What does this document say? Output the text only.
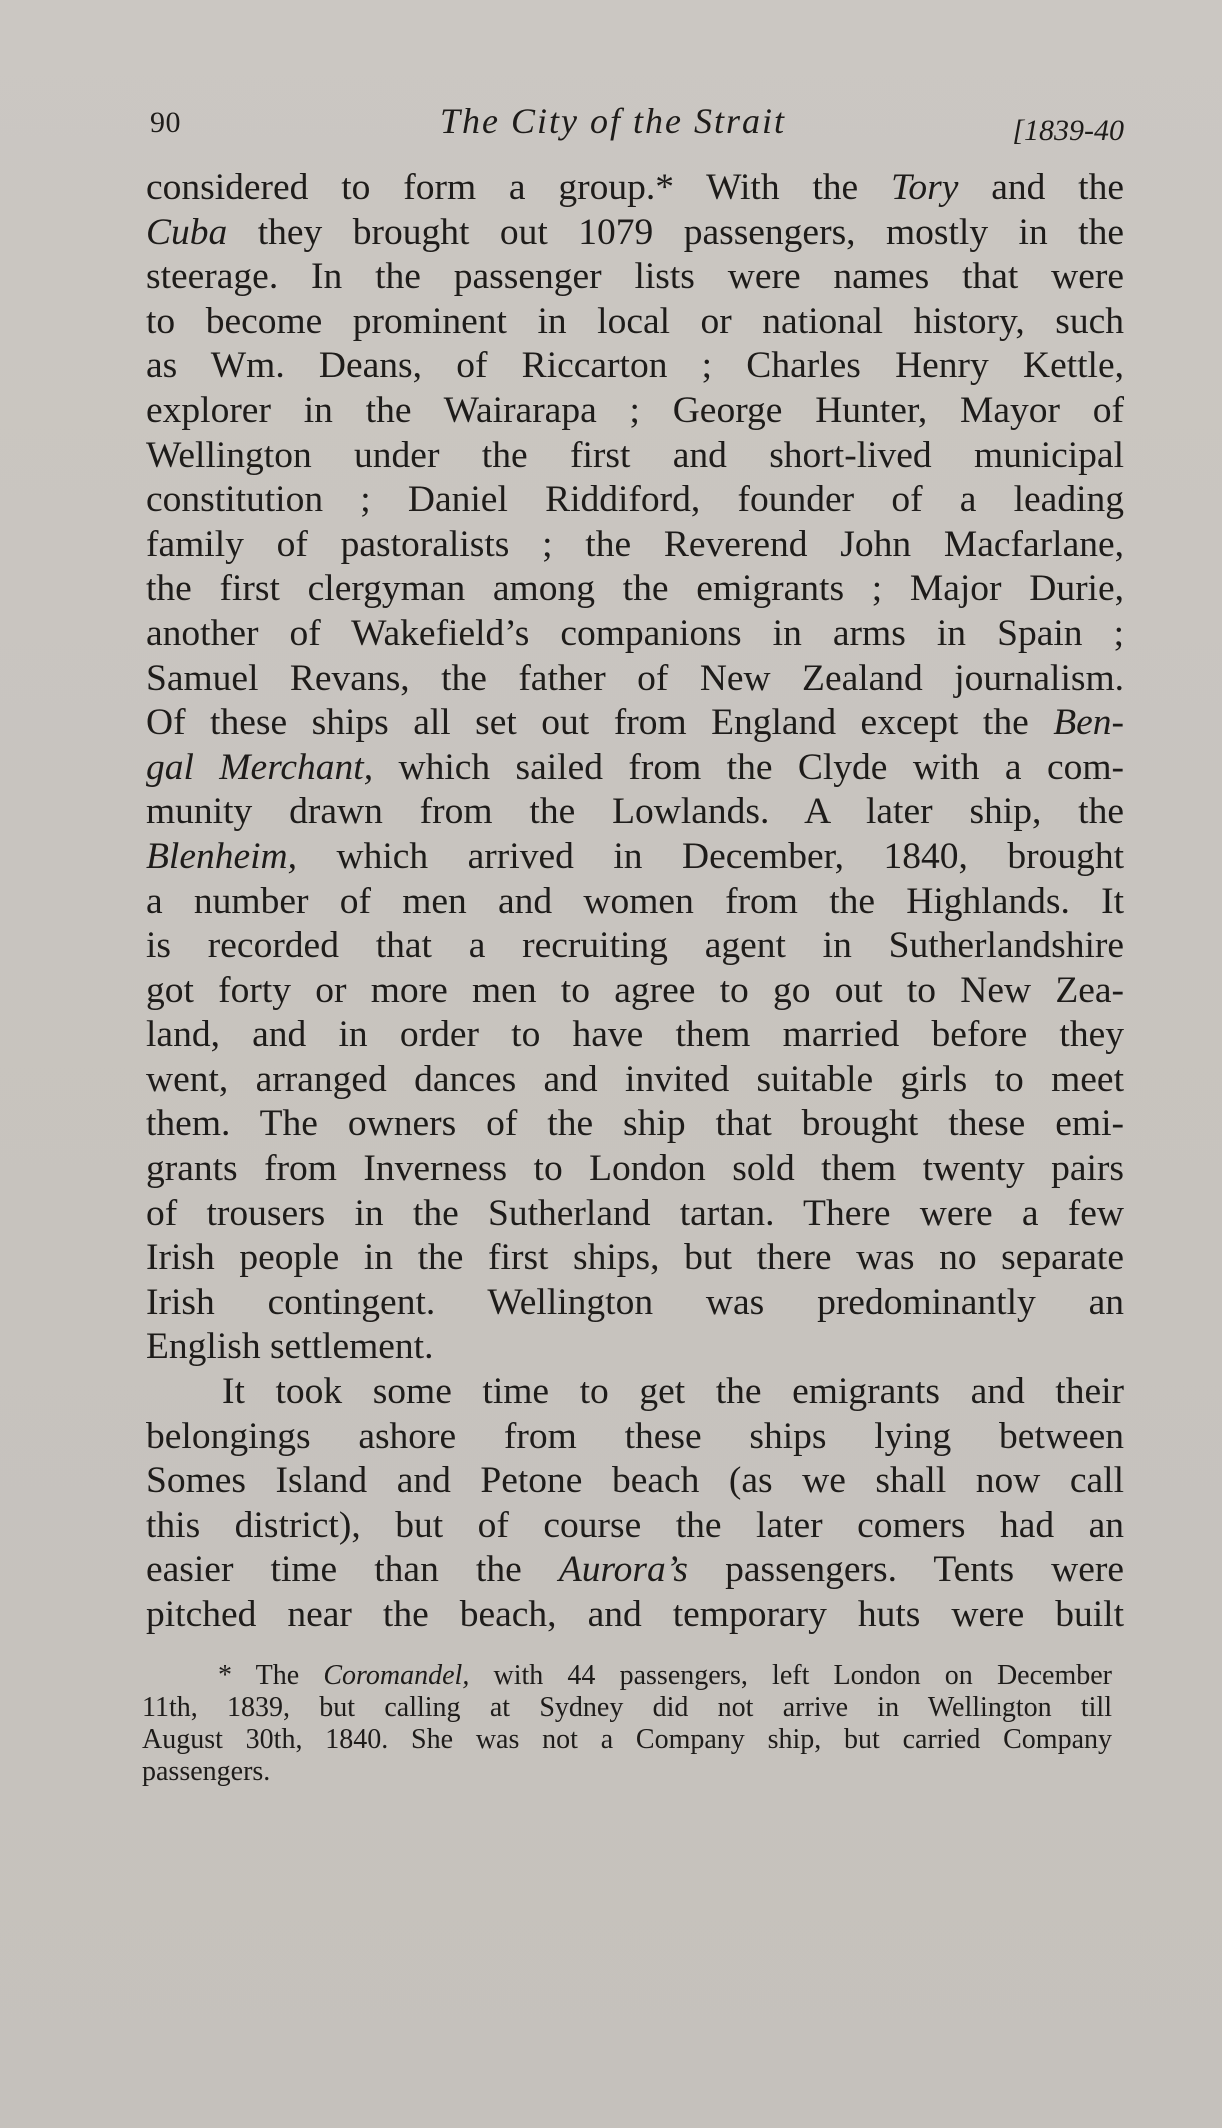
90	The City of the Strait	[1839-40
considered to form a group.* With the Tory and the
Cuba they brought out 1079 passengers, mostly in the
steerage. In the passenger lists were names that were
to become prominent in local or national history, such
as Wm. Deans, of Riccarton ; Charles Henry Kettle,
explorer in the Wairarapa ; George Hunter, Mayor of
Wellington under the first and short-lived municipal
constitution ; Daniel Riddiford, founder of a leading
family of pastoralists ; the Reverend John Macfarlane,
the first clergyman among the emigrants ; Major Durie,
another of Wakefield’s companions in arms in Spain ;
Samuel Revans, the father of New Zealand journalism.
Of these ships all set out from England except the Ben-
gal Merchant, which sailed from the Clyde with a com-
munity drawn from the Lowlands. A later ship, the
Blenheim, which arrived in December, 1840, brought
a number of men and women from the Highlands. It
is recorded that a recruiting agent in Sutherlandshire
got forty or more men to agree to go out to New Zea-
land, and in order to have them married before they
went, arranged dances and invited suitable girls to meet
them. The owners of the ship that brought these emi-
grants from Inverness to London sold them twenty pairs
of trousers in the Sutherland tartan. There were a few
Irish people in the first ships, but there was no separate
Irish contingent. Wellington was predominantly an
English settlement.
It took some time to get the emigrants and their
belongings ashore from these ships lying between
Somes Island and Petone beach (as we shall now call
this district), but of course the later comers had an
easier time than the Aurora’s passengers. Tents were
pitched near the beach, and temporary huts were built
* The Coromandel, with 44 passengers, left London on December
11th, 1839, but calling at Sydney did not arrive in Wellington till
August 30th, 1840. She was not a Company ship, but carried Company
passengers.
